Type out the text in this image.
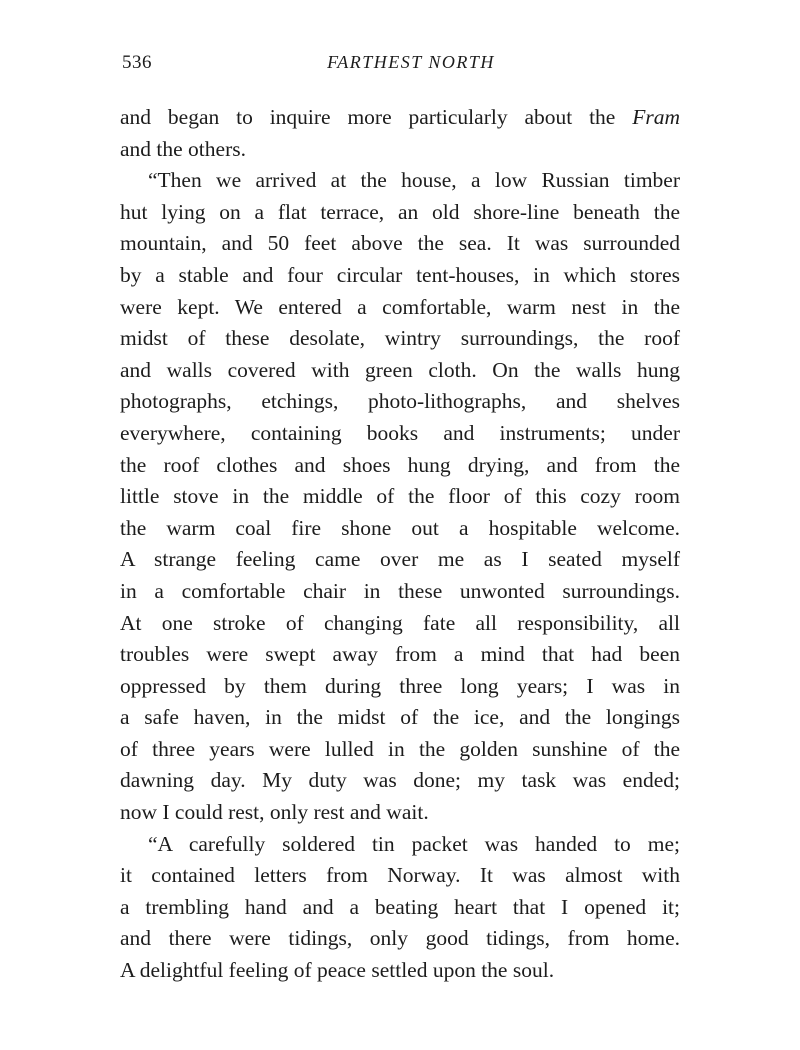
536	FARTHEST NORTH
and began to inquire more particularly about the Fram
and the others.
“Then we arrived at the house, a low Russian timber
hut lying on a flat terrace, an old shore-line beneath the
mountain, and 50 feet above the sea. It was surrounded
by a stable and four circular tent-houses, in which stores
were kept. We entered a comfortable, warm nest in the
midst of these desolate, wintry surroundings, the roof
and walls covered with green cloth. On the walls hung
photographs, etchings, photo-lithographs, and shelves
everywhere, containing books and instruments; under
the roof clothes and shoes hung drying, and from the
little stove in the middle of the floor of this cozy room
the warm coal fire shone out a hospitable welcome.
A strange feeling came over me as I seated myself
in a comfortable chair in these unwonted surroundings.
At one stroke of changing fate all responsibility, all
troubles were swept away from a mind that had been
oppressed by them during three long years; I was in
a safe haven, in the midst of the ice, and the longings
of three years were lulled in the golden sunshine of the
dawning day. My duty was done; my task was ended;
now I could rest, only rest and wait.
“A carefully soldered tin packet was handed to me;
it contained letters from Norway. It was almost with
a trembling hand and a beating heart that I opened it;
and there were tidings, only good tidings, from home.
A delightful feeling of peace settled upon the soul.
